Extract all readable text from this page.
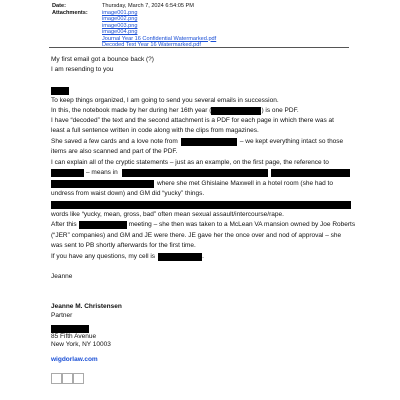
Date:	Thursday, March 7, 2024 6:54:05 PM
Attachments:	image001.png
image002.png
image003.png
image004.png
Journal Year 16 Confidential Watermarked.pdf
Decoded Text Year 16 Watermarked.pdf
My first email got a bounce back (?)
I am resending to you
To keep things organized, I am going to send you several emails in succession.
In this, the notebook made by her during her 16th year (	) is one PDF.
I have “decoded” the text and the second attachment is a PDF for each page in which there was at
least a full sentence written in code along with the clips from magazines.
She saved a few cards and a love note from	– we kept everything intact so those
items are also scanned and part of the PDF.
I can explain all of the cryptic statements – just as an example, on the first page, the reference to
– means in
where she met Ghislaine Maxwell in a hotel room (she had to
undress from waist down) and GM did “yucky” things.
words like “yucky, mean, gross, bad” often mean sexual assault/intercourse/rape.
After this	meeting – she then was taken to a McLean VA mansion owned by Joe Roberts
(“JER” companies) and GM and JE were there. JE gave her the once over and nod of approval – she
was sent to PB shortly afterwards for the first time.
If you have any questions, my cell is	.
Jeanne
Jeanne M. Christensen
Partner
85 Fifth Avenue
New York, NY 10003
wigdorlaw.com
